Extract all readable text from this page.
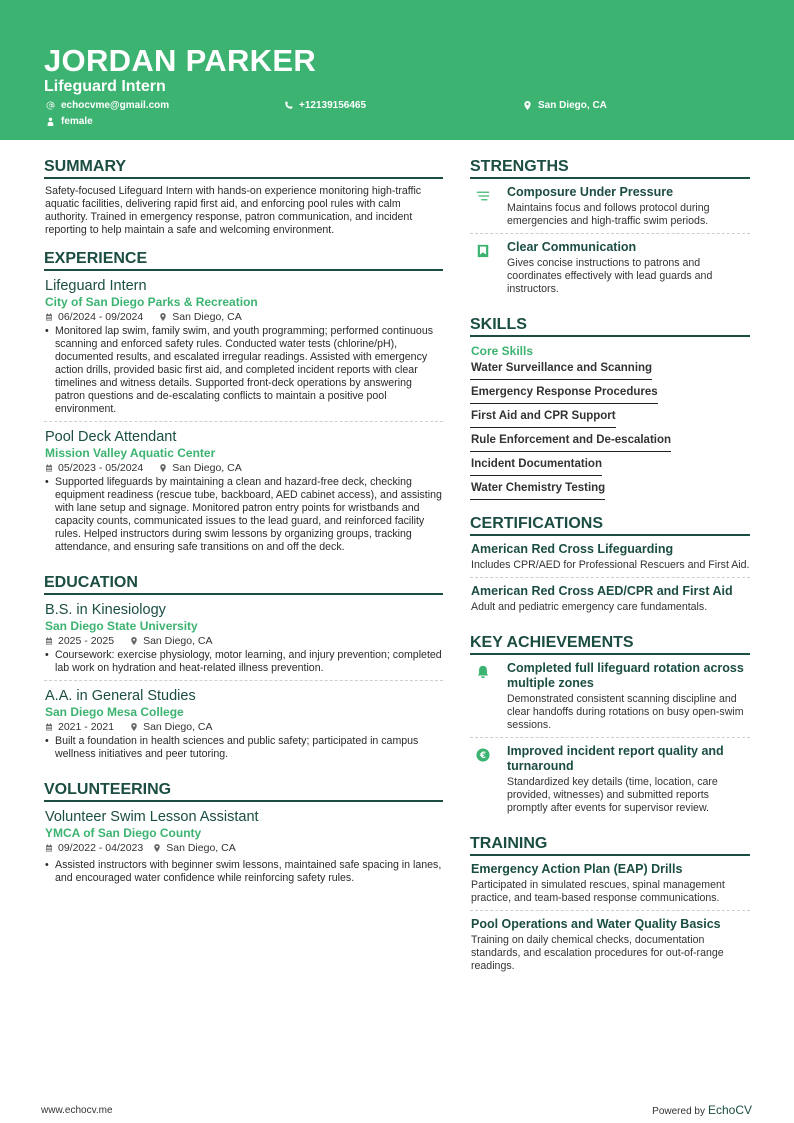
JORDAN PARKER
Lifeguard Intern
echocvme@gmail.com	+12139156465	San Diego, CA
female
SUMMARY
Safety-focused Lifeguard Intern with hands-on experience monitoring high-traffic aquatic facilities, delivering rapid first aid, and enforcing pool rules with calm authority. Trained in emergency response, patron communication, and incident reporting to help maintain a safe and welcoming environment.
EXPERIENCE
Lifeguard Intern
City of San Diego Parks & Recreation
06/2024 - 09/2024	San Diego, CA
• Monitored lap swim, family swim, and youth programming; performed continuous scanning and enforced safety rules. Conducted water tests (chlorine/pH), documented results, and escalated irregular readings. Assisted with emergency action drills, provided basic first aid, and completed incident reports with clear timelines and witness details. Supported front-deck operations by answering patron questions and de-escalating conflicts to maintain a positive pool environment.
Pool Deck Attendant
Mission Valley Aquatic Center
05/2023 - 05/2024	San Diego, CA
• Supported lifeguards by maintaining a clean and hazard-free deck, checking equipment readiness (rescue tube, backboard, AED cabinet access), and assisting with lane setup and signage. Monitored patron entry points for wristbands and capacity counts, communicated issues to the lead guard, and reinforced facility rules. Helped instructors during swim lessons by organizing groups, tracking attendance, and ensuring safe transitions on and off the deck.
EDUCATION
B.S. in Kinesiology
San Diego State University
2025 - 2025	San Diego, CA
• Coursework: exercise physiology, motor learning, and injury prevention; completed lab work on hydration and heat-related illness prevention.
A.A. in General Studies
San Diego Mesa College
2021 - 2021	San Diego, CA
• Built a foundation in health sciences and public safety; participated in campus wellness initiatives and peer tutoring.
VOLUNTEERING
Volunteer Swim Lesson Assistant
YMCA of San Diego County
09/2022 - 04/2023 San Diego, CA
• Assisted instructors with beginner swim lessons, maintained safe spacing in lanes, and encouraged water confidence while reinforcing safety rules.
STRENGTHS
Composure Under Pressure
Maintains focus and follows protocol during emergencies and high-traffic swim periods.
Clear Communication
Gives concise instructions to patrons and coordinates effectively with lead guards and instructors.
SKILLS
Core Skills
Water Surveillance and Scanning
Emergency Response Procedures
First Aid and CPR Support
Rule Enforcement and De-escalation
Incident Documentation
Water Chemistry Testing
CERTIFICATIONS
American Red Cross Lifeguarding
Includes CPR/AED for Professional Rescuers and First Aid.
American Red Cross AED/CPR and First Aid
Adult and pediatric emergency care fundamentals.
KEY ACHIEVEMENTS
Completed full lifeguard rotation across multiple zones
Demonstrated consistent scanning discipline and clear handoffs during rotations on busy open-swim sessions.
€ Improved incident report quality and turnaround
Standardized key details (time, location, care provided, witnesses) and submitted reports promptly after events for supervisor review.
TRAINING
Emergency Action Plan (EAP) Drills
Participated in simulated rescues, spinal management practice, and team-based response communications.
Pool Operations and Water Quality Basics
Training on daily chemical checks, documentation standards, and escalation procedures for out-of-range readings.
www.echocv.me	Powered by EchoCV
